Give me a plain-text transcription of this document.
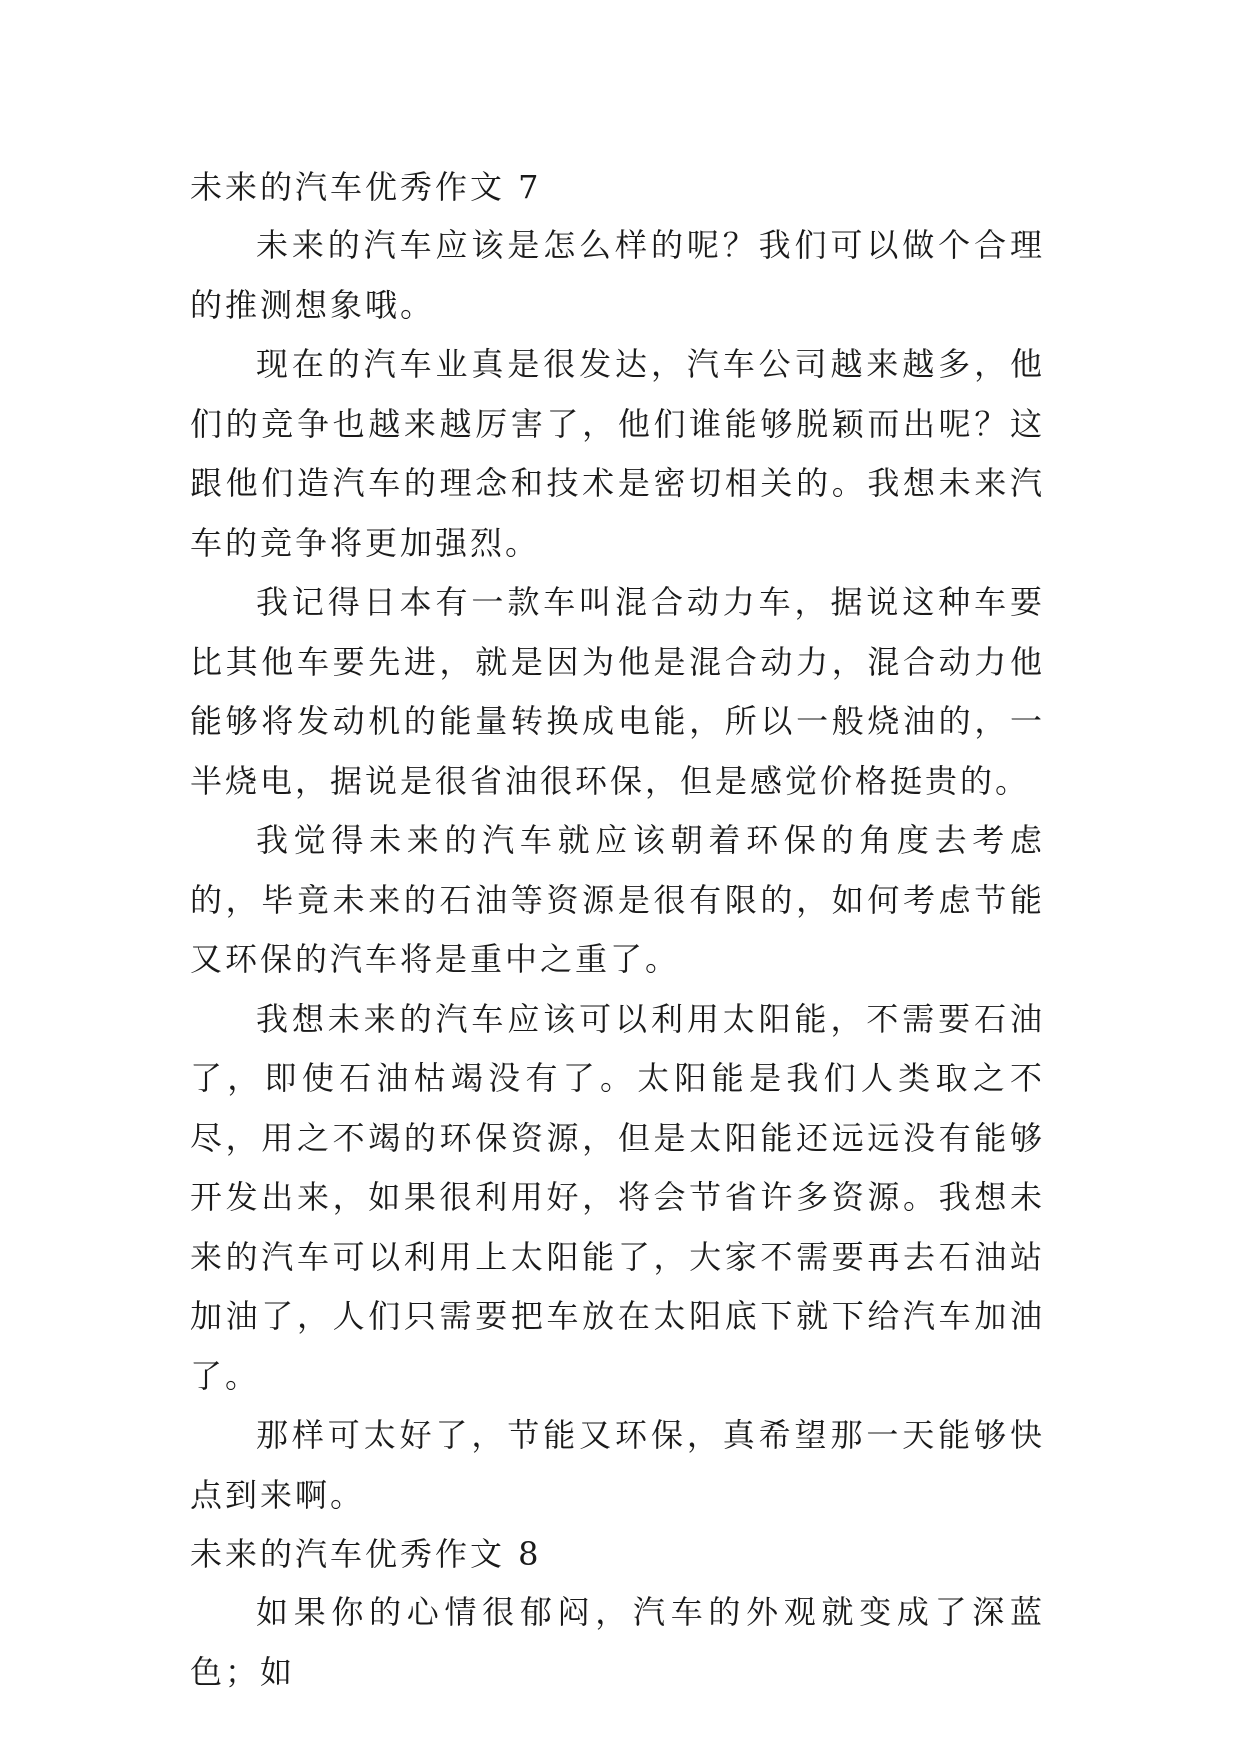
未来的汽车优秀作文 7

未来的汽车应该是怎么样的呢？我们可以做个合理的推测想象哦。

现在的汽车业真是很发达，汽车公司越来越多，他们的竞争也越来越厉害了，他们谁能够脱颖而出呢？这跟他们造汽车的理念和技术是密切相关的。我想未来汽车的竞争将更加强烈。

我记得日本有一款车叫混合动力车，据说这种车要比其他车要先进，就是因为他是混合动力，混合动力他能够将发动机的能量转换成电能，所以一般烧油的，一半烧电，据说是很省油很环保，但是感觉价格挺贵的。

我觉得未来的汽车就应该朝着环保的角度去考虑的，毕竟未来的石油等资源是很有限的，如何考虑节能又环保的汽车将是重中之重了。

我想未来的汽车应该可以利用太阳能，不需要石油了，即使石油枯竭没有了。太阳能是我们人类取之不尽，用之不竭的环保资源，但是太阳能还远远没有能够开发出来，如果很利用好，将会节省许多资源。我想未来的汽车可以利用上太阳能了，大家不需要再去石油站加油了，人们只需要把车放在太阳底下就下给汽车加油了。

那样可太好了，节能又环保，真希望那一天能够快点到来啊。

未来的汽车优秀作文 8

如果你的心情很郁闷，汽车的外观就变成了深蓝色；如
